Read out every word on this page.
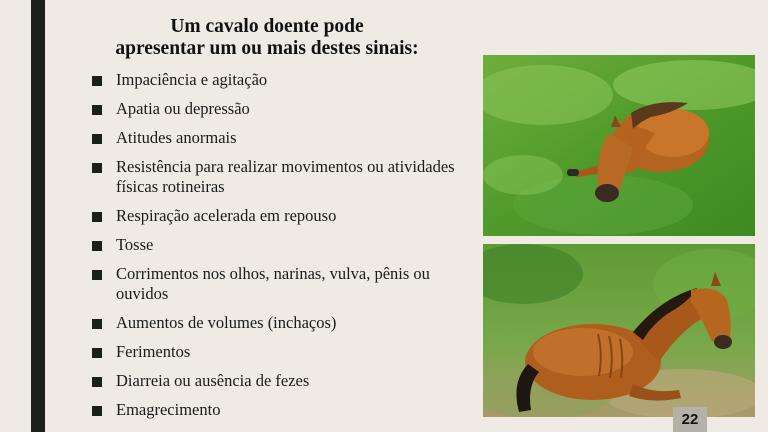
Um cavalo doente pode
apresentar um ou mais destes sinais:
Impaciência e agitação
Apatia ou depressão
Atitudes anormais
Resistência para realizar movimentos ou atividades físicas rotineiras
Respiração acelerada em repouso
Tosse
Corrimentos nos olhos, narinas, vulva, pênis ou ouvidos
Aumentos de volumes (inchaços)
Ferimentos
Diarreia ou ausência de fezes
Emagrecimento
22
